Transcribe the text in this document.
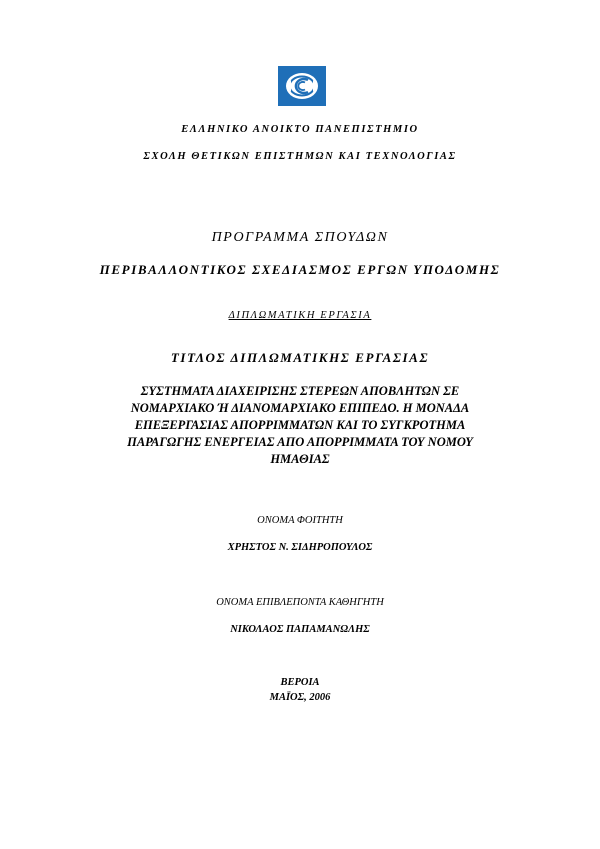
ΕΛΛΗΝΙΚΟ ΑΝΟΙΚΤΟ ΠΑΝΕΠΙΣΤΗΜΙΟ
ΣΧΟΛΗ ΘΕΤΙΚΩΝ ΕΠΙΣΤΗΜΩΝ ΚΑΙ ΤΕΧΝΟΛΟΓΙΑΣ
ΠΡΟΓΡΑΜΜΑ ΣΠΟΥΔΩΝ
ΠΕΡΙΒΑΛΛΟΝΤΙΚΟΣ ΣΧΕΔΙΑΣΜΟΣ ΕΡΓΩΝ ΥΠΟΔΟΜΗΣ
ΔΙΠΛΩΜΑΤΙΚΗ ΕΡΓΑΣΙΑ
ΤΙΤΛΟΣ ΔΙΠΛΩΜΑΤΙΚΗΣ ΕΡΓΑΣΙΑΣ
ΣΥΣΤΗΜΑΤΑ ΔΙΑΧΕΙΡΙΣΗΣ ΣΤΕΡΕΩΝ ΑΠΟΒΛΗΤΩΝ ΣΕ
ΝΟΜΑΡΧΙΑΚΟ Ή ΔΙΑΝΟΜΑΡΧΙΑΚΟ ΕΠΙΠΕΔΟ. Η ΜΟΝΑΔΑ
ΕΠΕΞΕΡΓΑΣΙΑΣ ΑΠΟΡΡΙΜΜΑΤΩΝ ΚΑΙ ΤΟ ΣΥΓΚΡΟΤΗΜΑ
ΠΑΡΑΓΩΓΗΣ ΕΝΕΡΓΕΙΑΣ ΑΠΟ ΑΠΟΡΡΙΜΜΑΤΑ ΤΟΥ ΝΟΜΟΥ
ΗΜΑΘΙΑΣ
ΟΝΟΜΑ ΦΟΙΤΗΤΗ
ΧΡΗΣΤΟΣ Ν. ΣΙΔΗΡΟΠΟΥΛΟΣ
ΟΝΟΜΑ ΕΠΙΒΛΕΠΟΝΤΑ ΚΑΘΗΓΗΤΗ
ΝΙΚΟΛΑΟΣ ΠΑΠΑΜΑΝΩΛΗΣ
ΒΕΡΟΙΑ
ΜΑΪΟΣ, 2006
